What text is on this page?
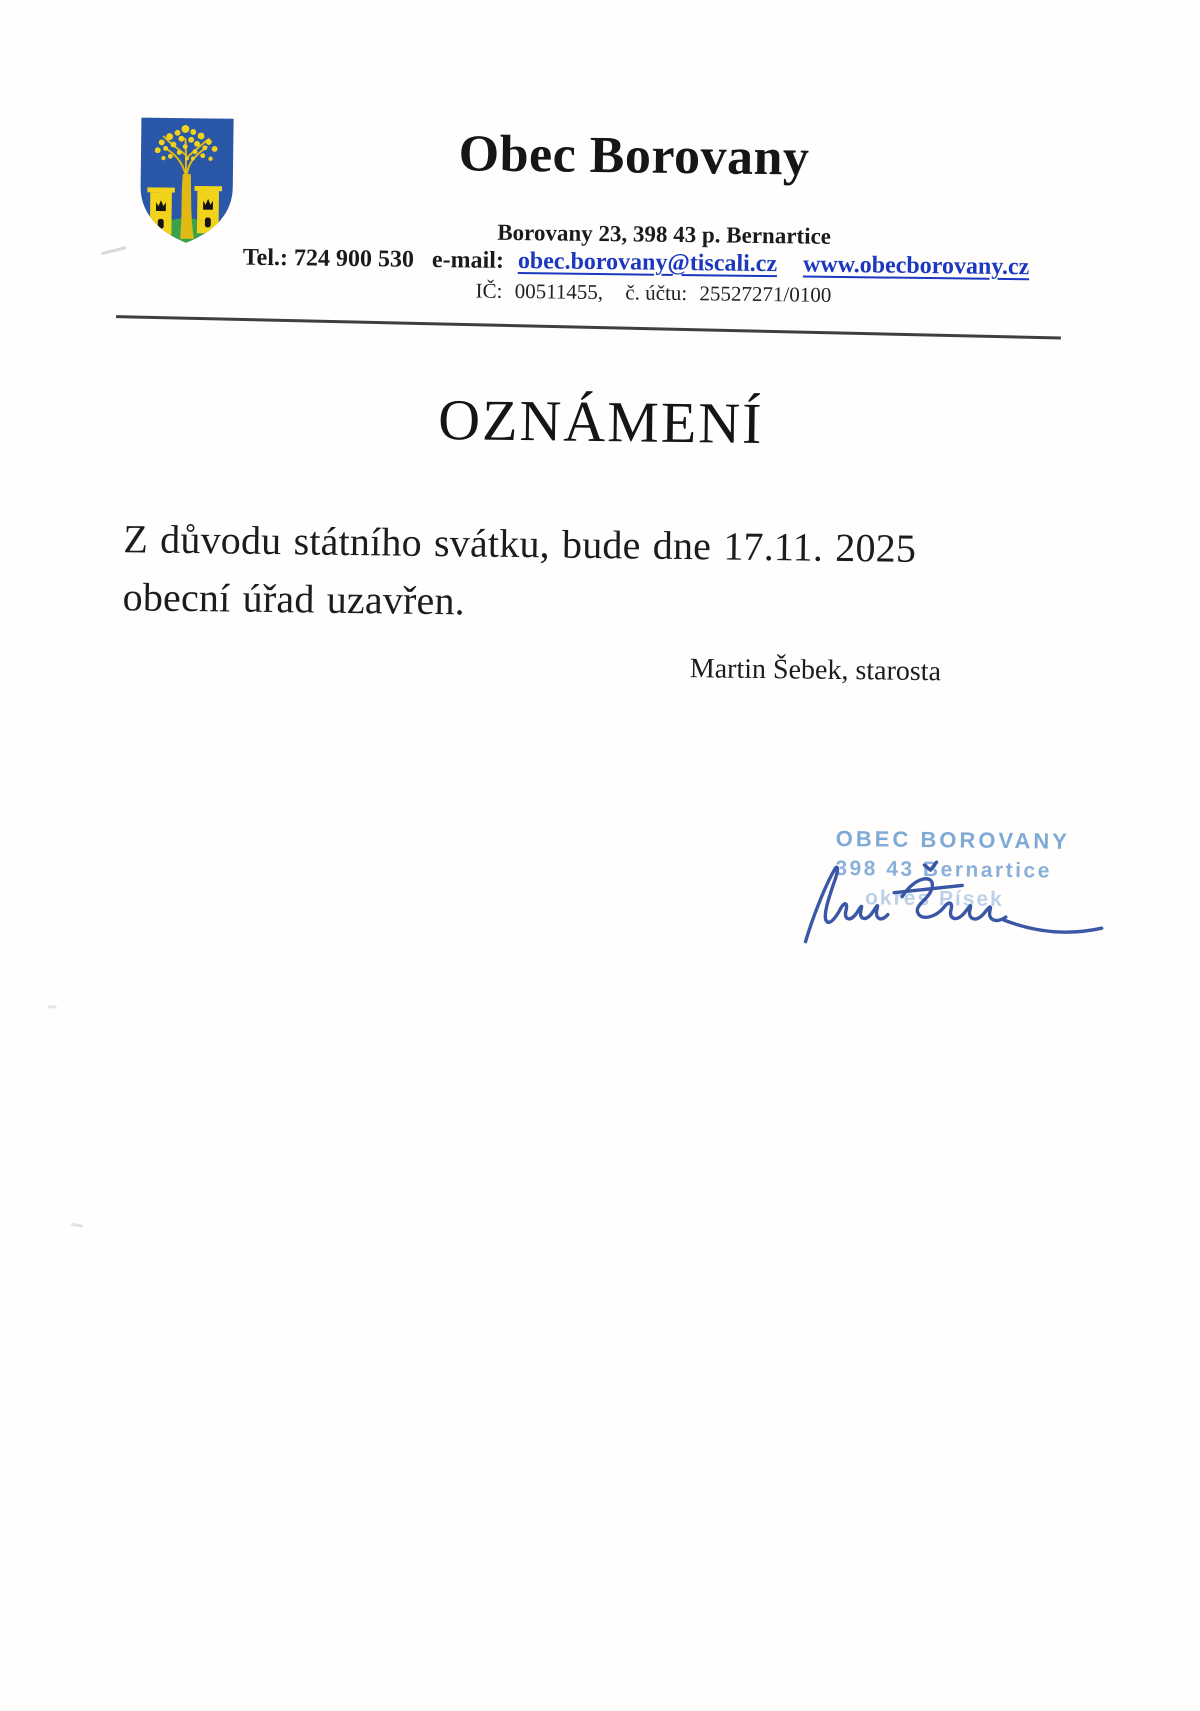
Obec Borovany
Borovany 23, 398 43 p. Bernartice
Tel.: 724 900 530 e-mail: obec.borovany@tiscali.cz www.obecborovany.cz
IČ: 00511455, č. účtu: 25527271/0100
OZNÁMENÍ
Z důvodu státního svátku, bude dne 17.11. 2025
obecní úřad uzavřen.
Martin Šebek, starosta
OBEC BOROVANY
398 43 Bernartice
okres Písek
